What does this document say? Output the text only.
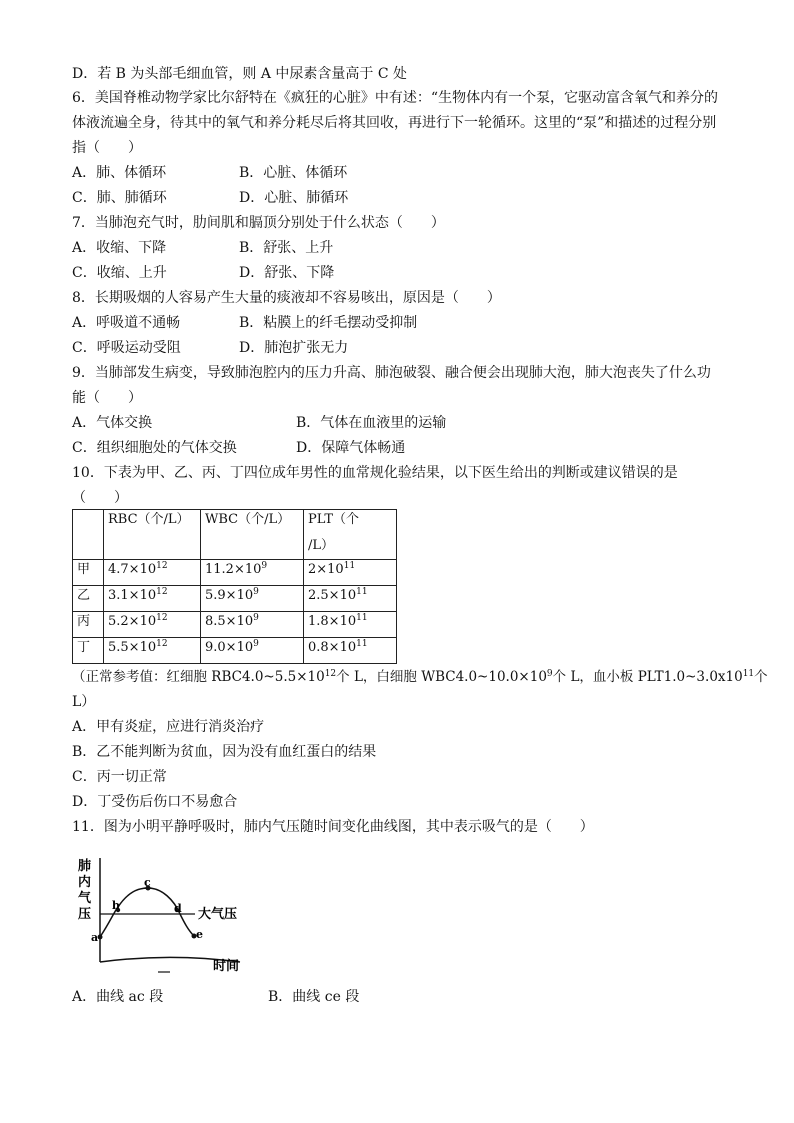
D．若 B 为头部毛细血管，则 A 中尿素含量高于 C 处
6．美国脊椎动物学家比尔舒特在《疯狂的心脏》中有述：“生物体内有一个泵，它驱动富含氧气和养分的
体液流遍全身，待其中的氧气和养分耗尽后将其回收，再进行下一轮循环。这里的“泵”和描述的过程分别
指（　　）
A．肺、体循环	B．心脏、体循环
C．肺、肺循环	D．心脏、肺循环
7．当肺泡充气时，肋间肌和膈顶分别处于什么状态（　　）
A．收缩、下降	B．舒张、上升
C．收缩、上升	D．舒张、下降
8．长期吸烟的人容易产生大量的痰液却不容易咳出，原因是（　　）
A．呼吸道不通畅	B．粘膜上的纤毛摆动受抑制
C．呼吸运动受阻	D．肺泡扩张无力
9．当肺部发生病变，导致肺泡腔内的压力升高、肺泡破裂、融合便会出现肺大泡，肺大泡丧失了什么功
能（　　）
A．气体交换	B．气体在血液里的运输
C．组织细胞处的气体交换	D．保障气体畅通
10．下表为甲、乙、丙、丁四位成年男性的血常规化验结果，以下医生给出的判断或建议错误的是
（　　）
	RBC（个/L）	WBC（个/L）	PLT（个
/L）

甲	$4.7\times 10^{12}$	$11.2\times 10^9$	$2\times 10^{11}$
乙	$3.1\times 10^{12}$	$5.9\times 10^9$	$2.5\times 10^{11}$
丙	$5.2\times 10^{12}$	$8.5\times 10^9$	$1.8\times 10^{11}$
丁	$5.5\times 10^{12}$	$9.0\times 10^9$	$0.8\times 10^{11}$
（正常参考值：红细胞 $RBC4.0\sim 5.5\times 10^{12}$个 L，白细胞 $WBC4.0\sim 10.0\times 10^9$个 L，血小板 $PLT1.0\sim 3.0x10^{11}$个
L）
A．甲有炎症，应进行消炎治疗
B．乙不能判断为贫血，因为没有血红蛋白的结果
C．丙一切正常
D．丁受伤后伤口不易愈合
11．图为小明平静呼吸时，肺内气压随时间变化曲线图，其中表示吸气的是（　　）
肺
内
气
压	大气压
a
b
c
d
e
时间
A．曲线 ac 段	B．曲线 ce 段
